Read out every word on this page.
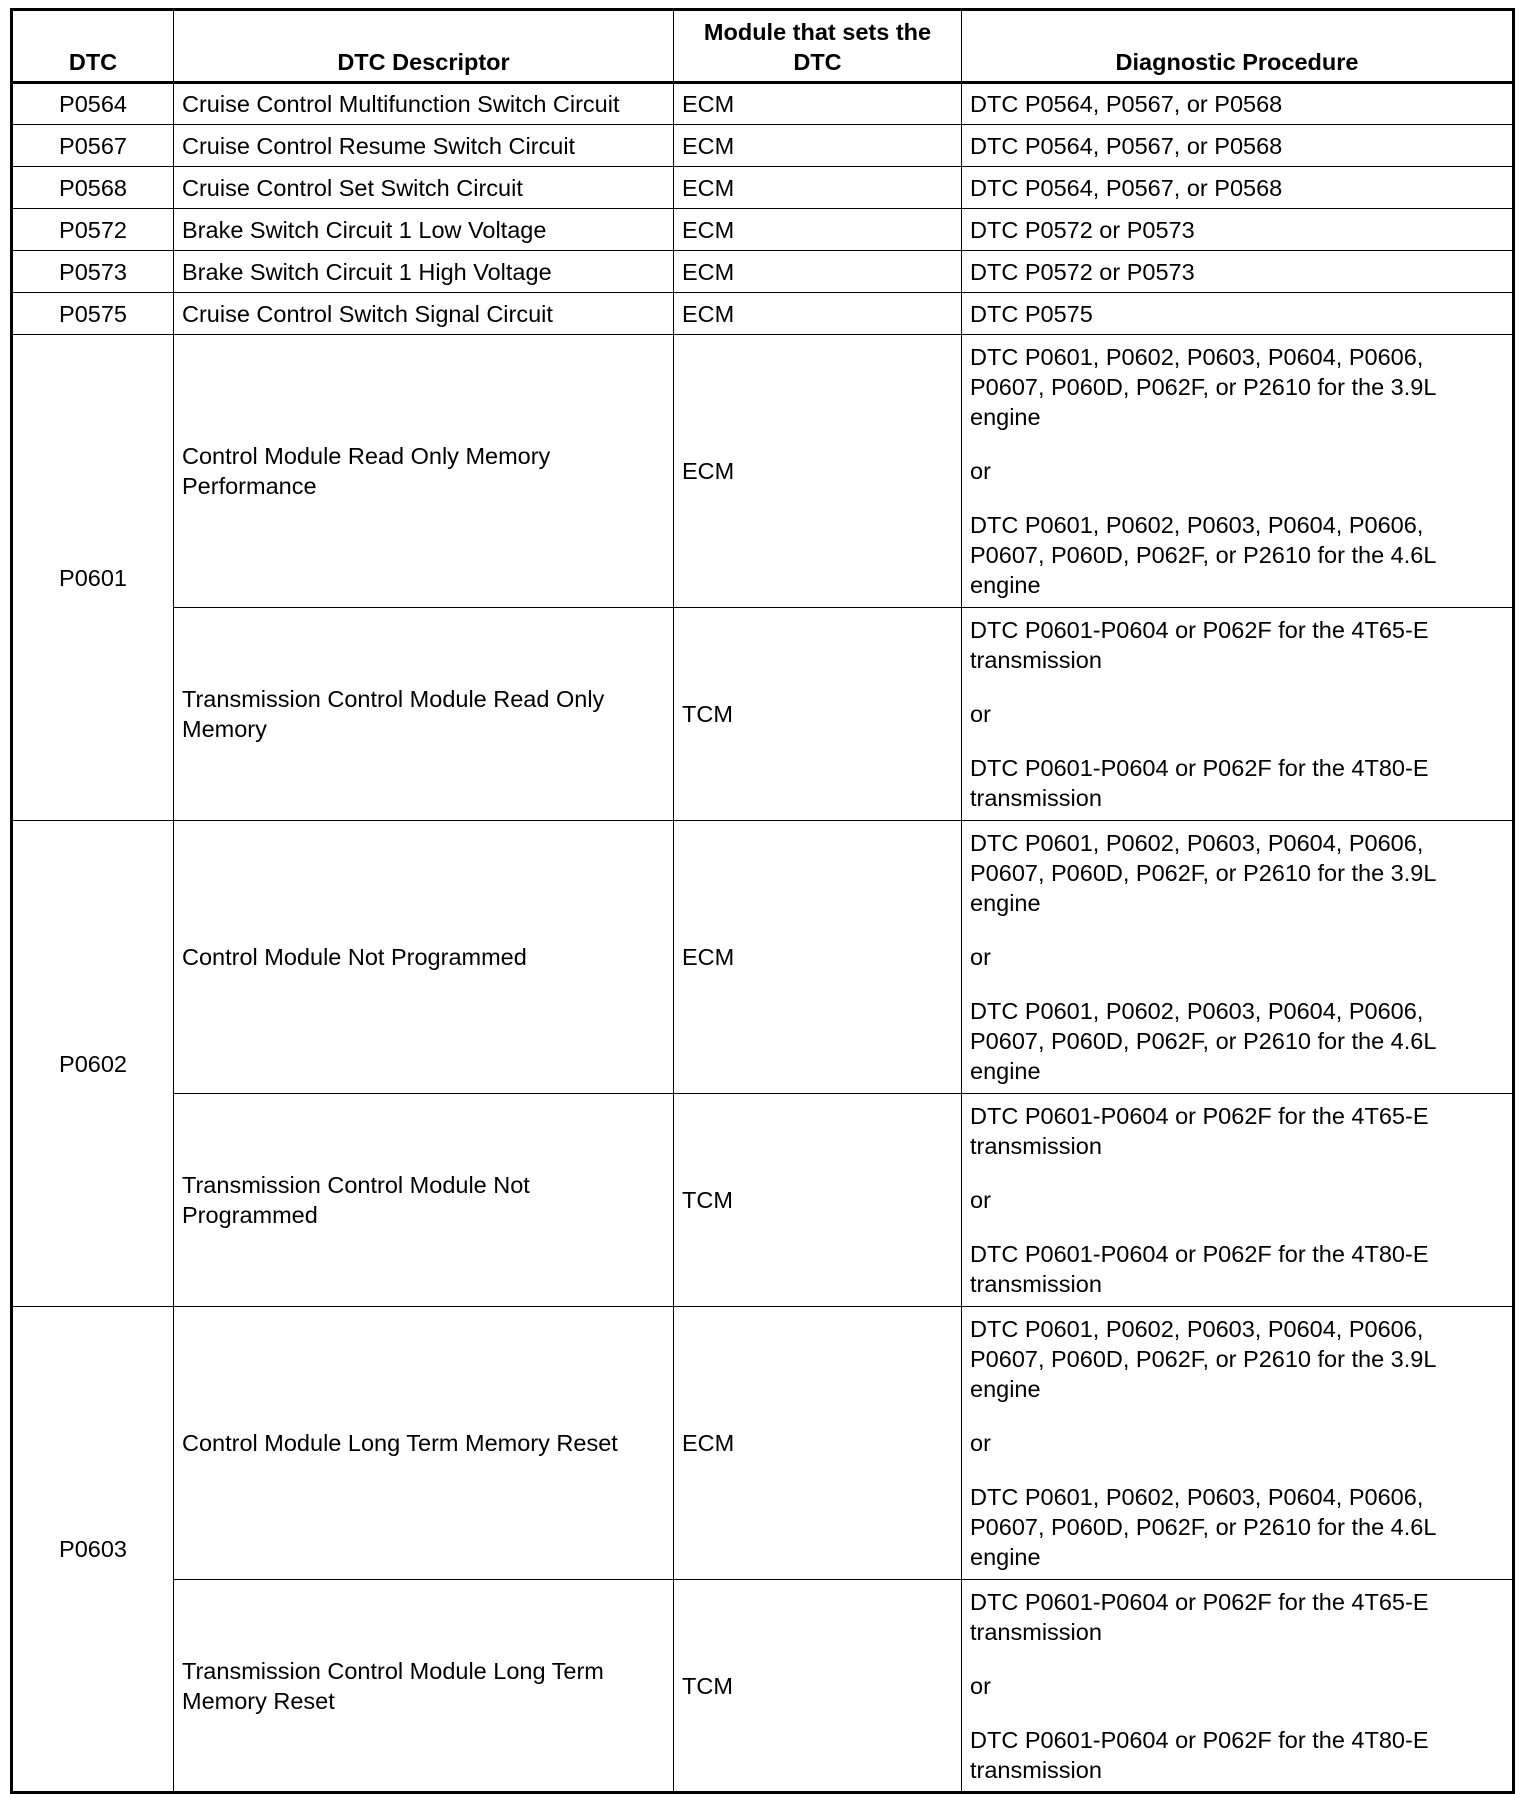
DTC	DTC Descriptor	Module that sets the DTC	Diagnostic Procedure
P0564	Cruise Control Multifunction Switch Circuit	ECM	DTC P0564, P0567, or P0568
P0567	Cruise Control Resume Switch Circuit	ECM	DTC P0564, P0567, or P0568
P0568	Cruise Control Set Switch Circuit	ECM	DTC P0564, P0567, or P0568
P0572	Brake Switch Circuit 1 Low Voltage	ECM	DTC P0572 or P0573
P0573	Brake Switch Circuit 1 High Voltage	ECM	DTC P0572 or P0573
P0575	Cruise Control Switch Signal Circuit	ECM	DTC P0575
P0601	Control Module Read Only Memory Performance	ECM	DTC P0601, P0602, P0603, P0604, P0606, P0607, P060D, P062F, or P2610 for the 3.9L engine

or

DTC P0601, P0602, P0603, P0604, P0606, P0607, P060D, P062F, or P2610 for the 4.6L engine

	Transmission Control Module Read Only Memory	TCM	DTC P0601-P0604 or P062F for the 4T65-E transmission

or

DTC P0601-P0604 or P062F for the 4T80-E transmission

P0602	Control Module Not Programmed	ECM	DTC P0601, P0602, P0603, P0604, P0606, P0607, P060D, P062F, or P2610 for the 3.9L engine

or

DTC P0601, P0602, P0603, P0604, P0606, P0607, P060D, P062F, or P2610 for the 4.6L engine

	Transmission Control Module Not Programmed	TCM	DTC P0601-P0604 or P062F for the 4T65-E transmission

or

DTC P0601-P0604 or P062F for the 4T80-E transmission

P0603	Control Module Long Term Memory Reset	ECM	DTC P0601, P0602, P0603, P0604, P0606, P0607, P060D, P062F, or P2610 for the 3.9L engine

or

DTC P0601, P0602, P0603, P0604, P0606, P0607, P060D, P062F, or P2610 for the 4.6L engine

	Transmission Control Module Long Term Memory Reset	TCM	DTC P0601-P0604 or P062F for the 4T65-E transmission

or

DTC P0601-P0604 or P062F for the 4T80-E transmission
